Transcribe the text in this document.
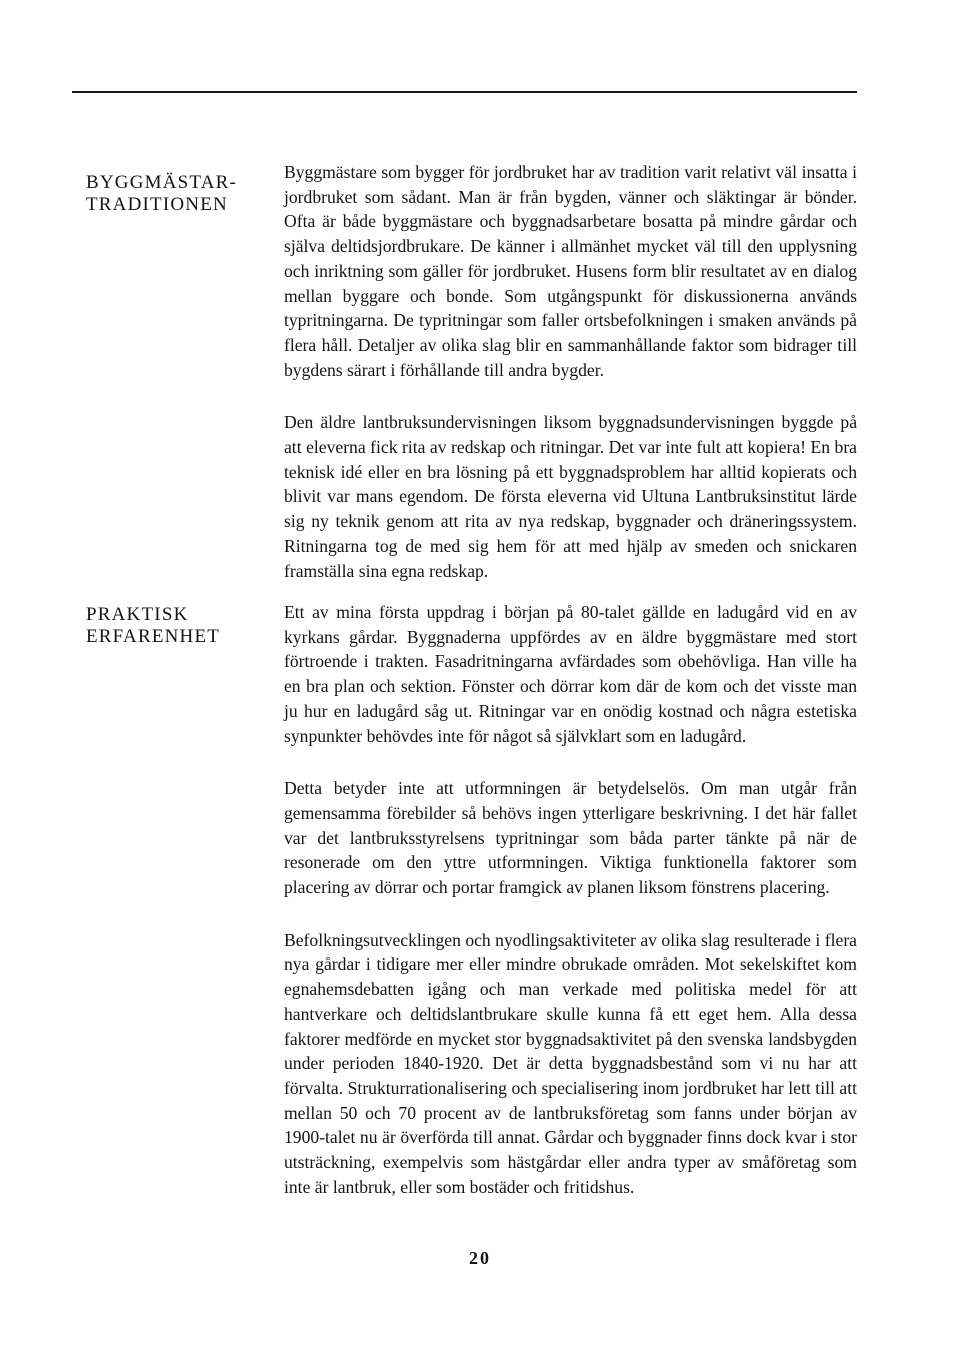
BYGGMÄSTAR-
TRADITIONEN

Byggmästare som bygger för jordbruket har av tradition varit relativt väl insatta i jordbruket som sådant. Man är från bygden, vänner och släktingar är bönder. Ofta är både byggmästare och byggnadsarbetare bosatta på mindre gårdar och själva deltidsjordbrukare. De känner i allmänhet mycket väl till den upplysning och inriktning som gäller för jordbruket. Husens form blir resultatet av en dialog mellan byggare och bonde. Som utgångspunkt för diskussionerna används typritningarna. De typritningar som faller ortsbefolkningen i smaken används på flera håll. Detaljer av olika slag blir en sammanhållande faktor som bidrager till bygdens särart i förhållande till andra bygder.

Den äldre lantbruksundervisningen liksom byggnadsundervisningen byggde på att eleverna fick rita av redskap och ritningar. Det var inte fult att kopiera! En bra teknisk idé eller en bra lösning på ett byggnadsproblem har alltid kopierats och blivit var mans egendom. De första eleverna vid Ultuna Lantbruksinstitut lärde sig ny teknik genom att rita av nya redskap, byggnader och dräneringssystem. Ritningarna tog de med sig hem för att med hjälp av smeden och snickaren framställa sina egna redskap.

PRAKTISK
ERFARENHET

Ett av mina första uppdrag i början på 80-talet gällde en ladugård vid en av kyrkans gårdar. Byggnaderna uppfördes av en äldre byggmästare med stort förtroende i trakten. Fasadritningarna avfärdades som obehövliga. Han ville ha en bra plan och sektion. Fönster och dörrar kom där de kom och det visste man ju hur en ladugård såg ut. Ritningar var en onödig kostnad och några estetiska synpunkter behövdes inte för något så självklart som en ladugård.

Detta betyder inte att utformningen är betydelselös. Om man utgår från gemensamma förebilder så behövs ingen ytterligare beskrivning. I det här fallet var det lantbruksstyrelsens typritningar som båda parter tänkte på när de resonerade om den yttre utformningen. Viktiga funktionella faktorer som placering av dörrar och portar framgick av planen liksom fönstrens placering.

Befolkningsutvecklingen och nyodlingsaktiviteter av olika slag resulterade i flera nya gårdar i tidigare mer eller mindre obrukade områden. Mot sekelskiftet kom egnahemsdebatten igång och man verkade med politiska medel för att hantverkare och deltidslantbrukare skulle kunna få ett eget hem. Alla dessa faktorer medförde en mycket stor byggnadsaktivitet på den svenska landsbygden under perioden 1840-1920. Det är detta byggnadsbestånd som vi nu har att förvalta. Strukturrationalisering och specialisering inom jordbruket har lett till att mellan 50 och 70 procent av de lantbruksföretag som fanns under början av 1900-talet nu är överförda till annat. Gårdar och byggnader finns dock kvar i stor utsträckning, exempelvis som hästgårdar eller andra typer av småföretag som inte är lantbruk, eller som bostäder och fritidshus.

20
